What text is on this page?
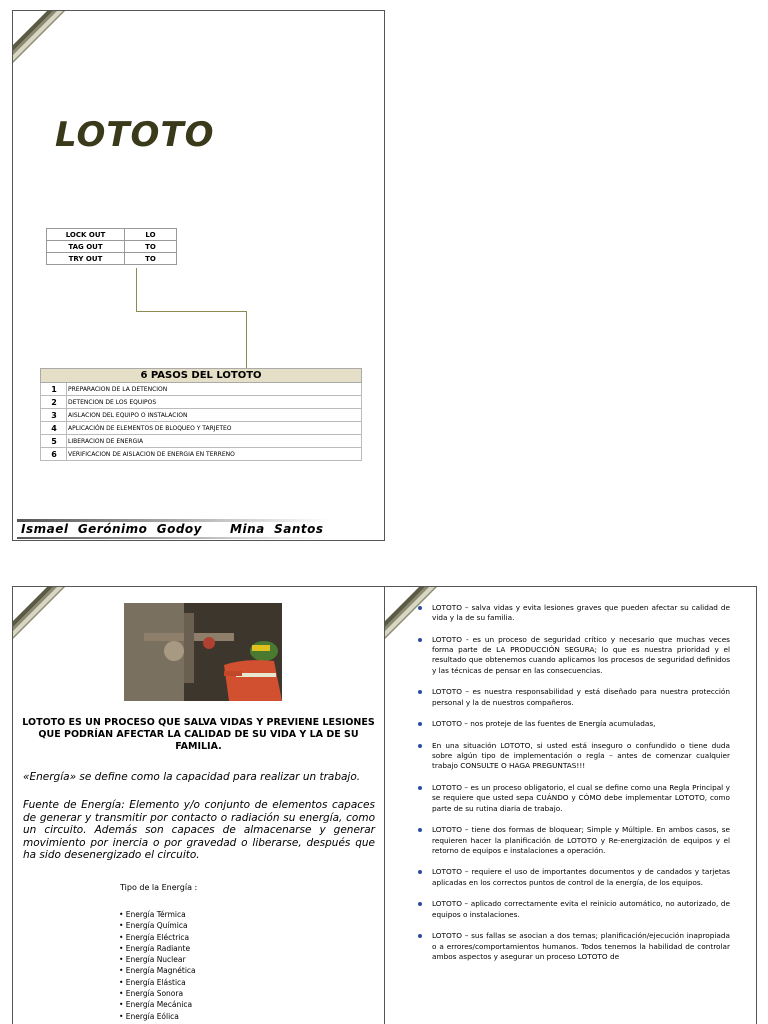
LOTOTO
LOCK OUT	LO
TAG OUT	TO
TRY OUT	TO
6 PASOS DEL LOTOTO	
1	PREPARACION DE LA DETENCION
2	DETENCION DE LOS EQUIPOS
3	AISLACION DEL EQUIPO O INSTALACION
4	APLICACIÓN DE ELEMENTOS DE BLOQUEO Y TARJETEO
5	LIBERACION DE ENERGIA
6	VERIFICACION DE AISLACION DE ENERGIA EN TERRENO
Ismael  Gerónimo  Godoy      Mina  Santos
LOTOTO ES UN PROCESO QUE SALVA VIDAS Y PREVIENE LESIONES QUE PODRÍAN AFECTAR LA CALIDAD DE SU VIDA Y LA DE SU FAMILIA.
«Energía» se define como la capacidad para realizar un trabajo.
Fuente de Energía: Elemento y/o conjunto de elementos capaces de generar y transmitir por contacto o radiación su energía, como un circuito. Además son capaces de almacenarse y generar movimiento por inercia o por gravedad o liberarse, después que ha sido desenergizado el circuito.
Tipo de la Energía :
• Energía Térmica
• Energía Química
• Energía Eléctrica
• Energía Radiante
• Energía Nuclear
• Energía Magnética
• Energía Elástica
• Energía Sonora
• Energía Mecánica
• Energía Eólica
LOTOTO – salva vidas y evita lesiones graves que pueden afectar su calidad de vida y la de su familia.
LOTOTO - es un proceso de seguridad crítico y necesario que muchas veces forma parte de LA PRODUCCIÓN SEGURA; lo que es nuestra prioridad y el resultado que obtenemos cuando aplicamos los procesos de seguridad definidos y las técnicas de pensar en las consecuencias.
LOTOTO – es nuestra responsabilidad y está diseñado para nuestra protección personal y la de nuestros compañeros.
LOTOTO – nos proteje de las fuentes de Energía acumuladas,
En una situación LOTOTO, si usted está inseguro o confundido o tiene duda sobre algún tipo de implementación o regla – antes de comenzar cualquier trabajo CONSULTE O HAGA PREGUNTAS!!!
LOTOTO – es un proceso obligatorio, el cual se define como una Regla Principal y se requiere que usted sepa CUÁNDO y CÓMO debe implementar LOTOTO, como parte de su rutina diaria de trabajo.
LOTOTO – tiene dos formas de bloquear; Simple y Múltiple. En ambos casos, se requieren hacer la planificación de LOTOTO y Re-energización de equipos y el retorno de equipos e instalaciones a operación.
LOTOTO – requiere el uso de importantes documentos y de candados y tarjetas aplicadas en los correctos puntos de control de la energía, de los equipos.
LOTOTO – aplicado correctamente evita el reinicio automático, no autorizado, de equipos o instalaciones.
LOTOTO – sus fallas se asocian a dos temas; planificación/ejecución inapropiada o a errores/comportamientos humanos. Todos tenemos la habilidad de controlar ambos aspectos y asegurar un proceso LOTOTO de
